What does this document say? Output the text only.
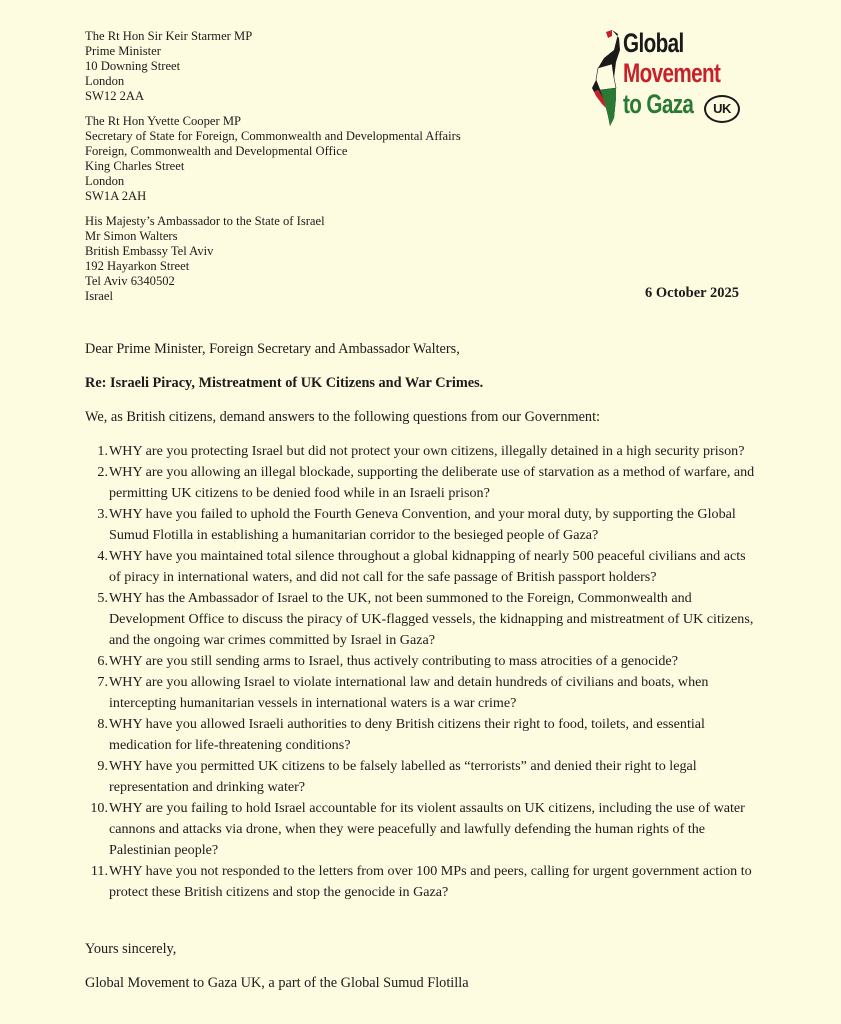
The Rt Hon Sir Keir Starmer MP
Prime Minister
10 Downing Street
London
SW12 2AA
The Rt Hon Yvette Cooper MP
Secretary of State for Foreign, Commonwealth and Developmental Affairs
Foreign, Commonwealth and Developmental Office
King Charles Street
London
SW1A 2AH
His Majesty’s Ambassador to the State of Israel
Mr Simon Walters
British Embassy Tel Aviv
192 Hayarkon Street
Tel Aviv 6340502
Israel
Global
Movement
to Gaza	UK
6 October 2025
Dear Prime Minister, Foreign Secretary and Ambassador Walters,
Re: Israeli Piracy, Mistreatment of UK Citizens and War Crimes.
We, as British citizens, demand answers to the following questions from our Government:
1. WHY are you protecting Israel but did not protect your own citizens, illegally detained in a high security prison?
2. WHY are you allowing an illegal blockade, supporting the deliberate use of starvation as a method of warfare, and
permitting UK citizens to be denied food while in an Israeli prison?
3. WHY have you failed to uphold the Fourth Geneva Convention, and your moral duty, by supporting the Global
Sumud Flotilla in establishing a humanitarian corridor to the besieged people of Gaza?
4. WHY have you maintained total silence throughout a global kidnapping of nearly 500 peaceful civilians and acts
of piracy in international waters, and did not call for the safe passage of British passport holders?
5. WHY has the Ambassador of Israel to the UK, not been summoned to the Foreign, Commonwealth and
Development Office to discuss the piracy of UK-flagged vessels, the kidnapping and mistreatment of UK citizens,
and the ongoing war crimes committed by Israel in Gaza?
6. WHY are you still sending arms to Israel, thus actively contributing to mass atrocities of a genocide?
7. WHY are you allowing Israel to violate international law and detain hundreds of civilians and boats, when
intercepting humanitarian vessels in international waters is a war crime?
8. WHY have you allowed Israeli authorities to deny British citizens their right to food, toilets, and essential
medication for life-threatening conditions?
9. WHY have you permitted UK citizens to be falsely labelled as “terrorists” and denied their right to legal
representation and drinking water?
10. WHY are you failing to hold Israel accountable for its violent assaults on UK citizens, including the use of water
cannons and attacks via drone, when they were peacefully and lawfully defending the human rights of the
Palestinian people?
11. WHY have you not responded to the letters from over 100 MPs and peers, calling for urgent government action to
protect these British citizens and stop the genocide in Gaza?
Yours sincerely,
Global Movement to Gaza UK, a part of the Global Sumud Flotilla
